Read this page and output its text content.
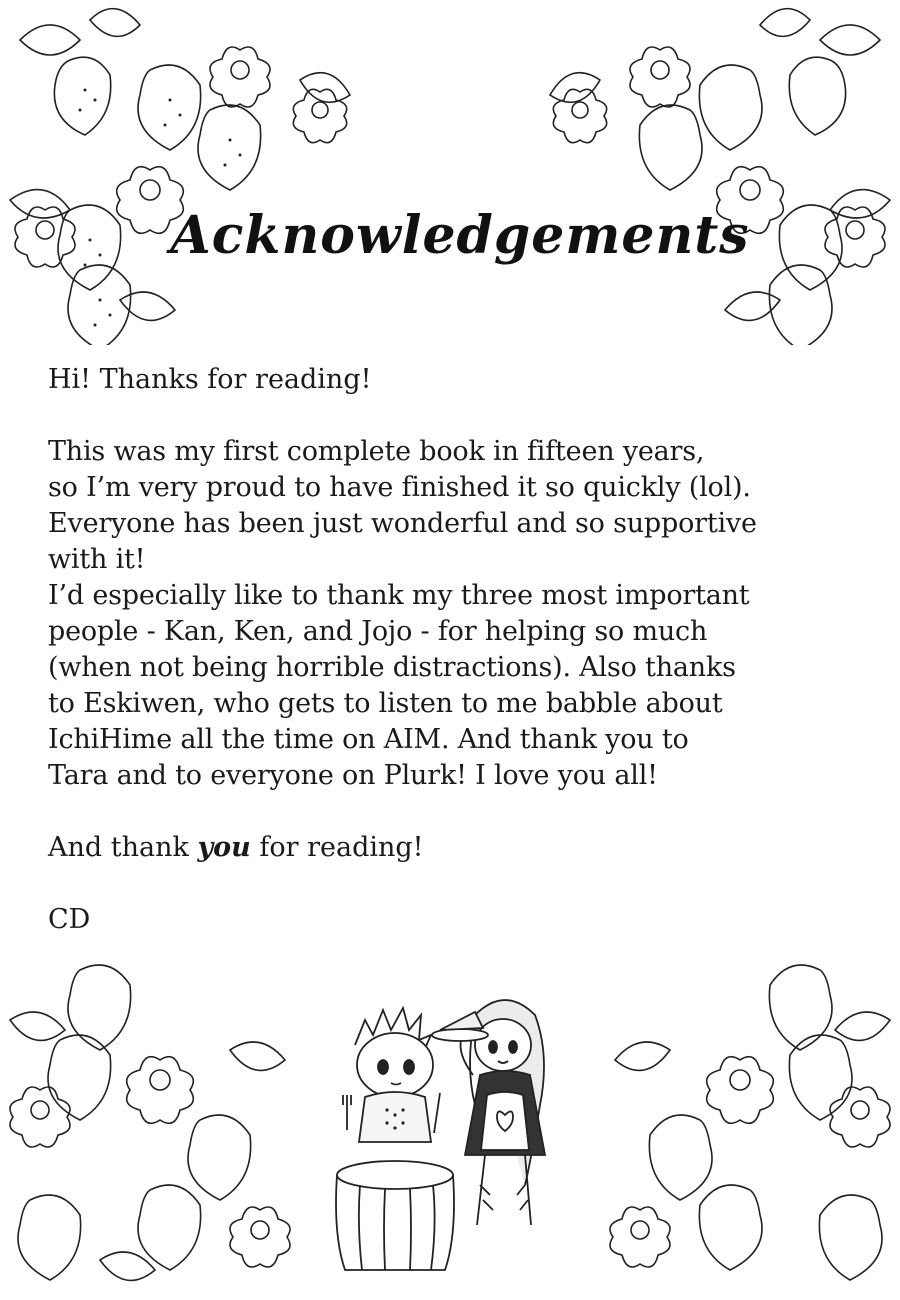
Acknowledgements
Hi! Thanks for reading!
This was my first complete book in fifteen years,
so I’m very proud to have finished it so quickly (lol).
Everyone has been just wonderful and so supportive
with it!
I’d especially like to thank my three most important
people - Kan, Ken, and Jojo - for helping so much
(when not being horrible distractions). Also thanks
to Eskiwen, who gets to listen to me babble about
IchiHime all the time on AIM. And thank you to
Tara and to everyone on Plurk! I love you all!
And thank you for reading!
CD
